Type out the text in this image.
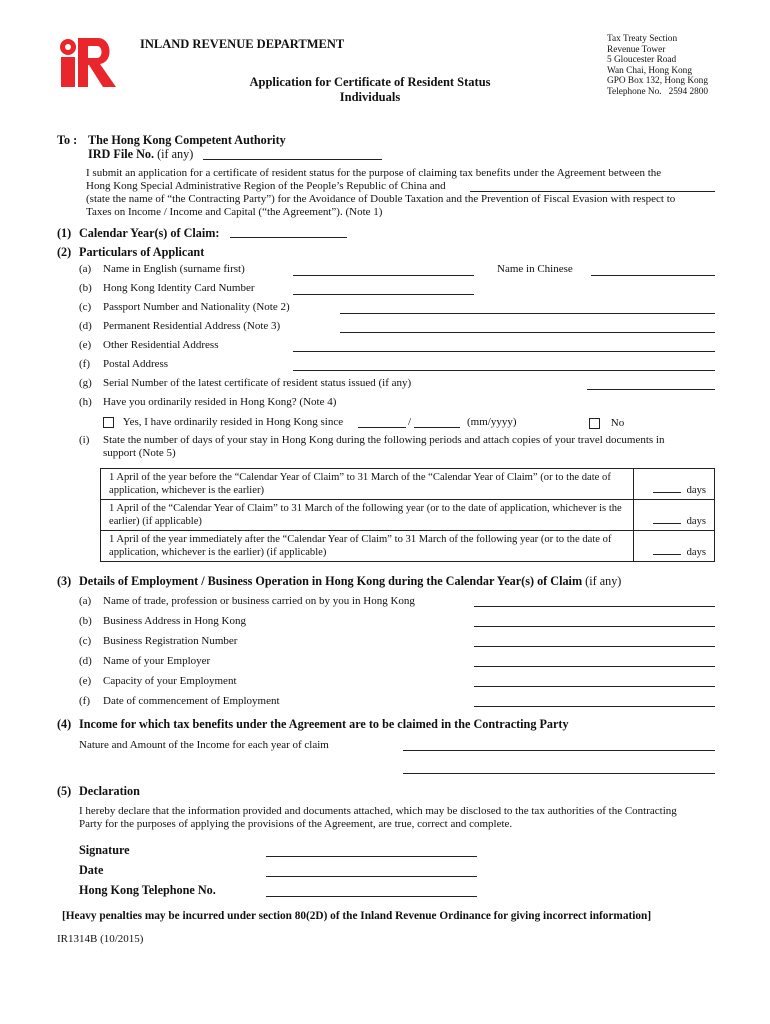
INLAND REVENUE DEPARTMENT
Application for Certificate of Resident Status
Individuals
Tax Treaty Section
Revenue Tower
5 Gloucester Road
Wan Chai, Hong Kong
GPO Box 132, Hong Kong
Telephone No.   2594 2800
To : The Hong Kong Competent Authority
IRD File No. (if any)
I submit an application for a certificate of resident status for the purpose of claiming tax benefits under the Agreement between the
Hong Kong Special Administrative Region of the People’s Republic of China and
(state the name of “the Contracting Party”) for the Avoidance of Double Taxation and the Prevention of Fiscal Evasion with respect to
Taxes on Income / Income and Capital (“the Agreement”). (Note 1)
(1) Calendar Year(s) of Claim:
(2) Particulars of Applicant
(a) Name in English (surname first)	Name in Chinese
(b) Hong Kong Identity Card Number
(c) Passport Number and Nationality (Note 2)
(d) Permanent Residential Address (Note 3)
(e) Other Residential Address
(f) Postal Address
(g) Serial Number of the latest certificate of resident status issued (if any)
(h) Have you ordinarily resided in Hong Kong? (Note 4)
Yes, I have ordinarily resided in Hong Kong since	/	(mm/yyyy)	No
(i) State the number of days of your stay in Hong Kong during the following periods and attach copies of your travel documents in
support (Note 5)
1 April of the year before the “Calendar Year of Claim” to 31 March of the “Calendar Year of Claim” (or to the date of application, whichever is the earlier)	days
1 April of the “Calendar Year of Claim” to 31 March of the following year (or to the date of application, whichever is the earlier) (if applicable)	days
1 April of the year immediately after the “Calendar Year of Claim” to 31 March of the following year (or to the date of application, whichever is the earlier) (if applicable)	days
(3) Details of Employment / Business Operation in Hong Kong during the Calendar Year(s) of Claim (if any)
(a) Name of trade, profession or business carried on by you in Hong Kong
(b) Business Address in Hong Kong
(c) Business Registration Number
(d) Name of your Employer
(e) Capacity of your Employment
(f) Date of commencement of Employment
(4) Income for which tax benefits under the Agreement are to be claimed in the Contracting Party
Nature and Amount of the Income for each year of claim
(5) Declaration
I hereby declare that the information provided and documents attached, which may be disclosed to the tax authorities of the Contracting
Party for the purposes of applying the provisions of the Agreement, are true, correct and complete.
Signature
Date
Hong Kong Telephone No.
[Heavy penalties may be incurred under section 80(2D) of the Inland Revenue Ordinance for giving incorrect information]
IR1314B (10/2015)
